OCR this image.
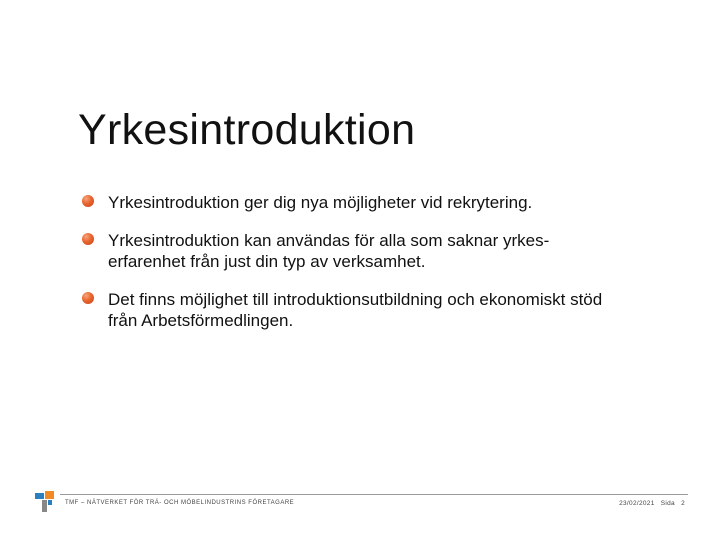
Yrkesintroduktion
Yrkesintroduktion ger dig nya möjligheter vid rekrytering.
Yrkesintroduktion kan användas för alla som saknar yrkes- erfarenhet från just din typ av verksamhet.
Det finns möjlighet till introduktionsutbildning och ekonomiskt stöd från Arbetsförmedlingen.
TMF – NÄTVERKET FÖR TRÄ- OCH MÖBELINDUSTRINS FÖRETAGARE	23/02/2021 Sida 2
